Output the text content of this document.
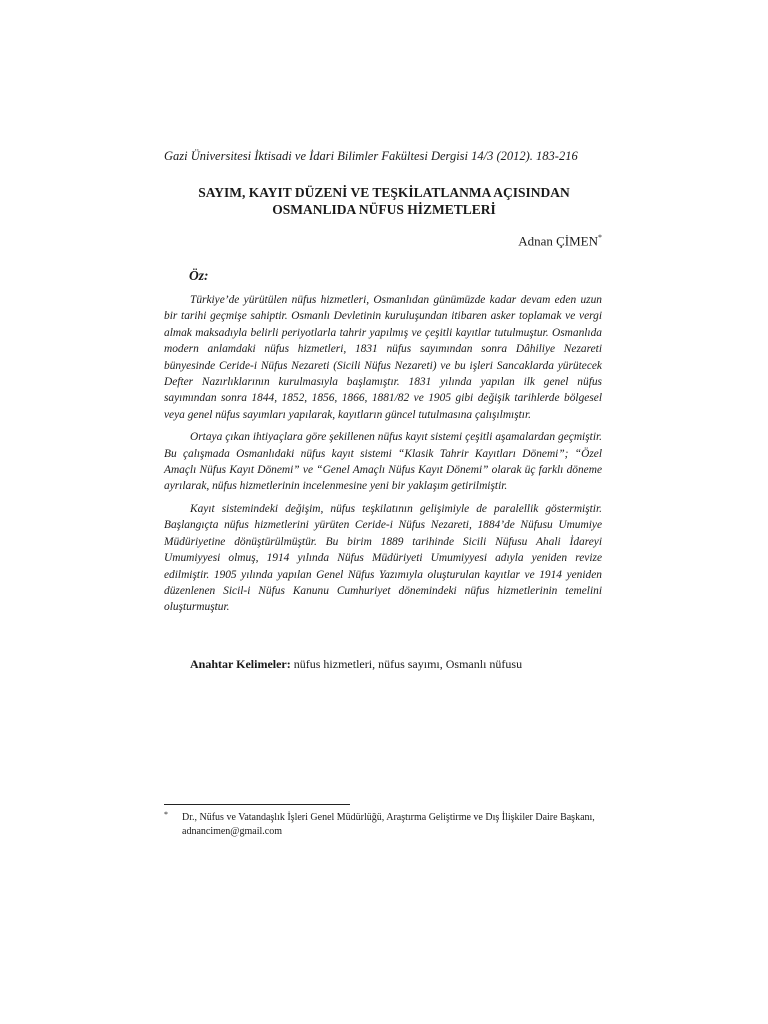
Gazi Üniversitesi İktisadi ve İdari Bilimler Fakültesi Dergisi 14/3 (2012). 183-216
SAYIM, KAYIT DÜZENİ VE TEŞKİLATLANMA AÇISINDAN
OSMANLIDA NÜFUS HİZMETLERİ
Adnan ÇİMEN*
Öz:

Türkiye’de yürütülen nüfus hizmetleri, Osmanlıdan günümüzde kadar devam eden uzun bir tarihi geçmişe sahiptir. Osmanlı Devletinin kuruluşundan itibaren asker toplamak ve vergi almak maksadıyla belirli periyotlarla tahrir yapılmış ve çeşitli kayıtlar tutulmuştur. Osmanlıda modern anlamdaki nüfus hizmetleri, 1831 nüfus sayımından sonra Dâhiliye Nezareti bünyesinde Ceride-i Nüfus Nezareti (Sicili Nüfus Nezareti) ve bu işleri Sancaklarda yürütecek Defter Nazırlıklarının kurulmasıyla başlamıştır. 1831 yılında yapılan ilk genel nüfus sayımından sonra 1844, 1852, 1856, 1866, 1881/82 ve 1905 gibi değişik tarihlerde bölgesel veya genel nüfus sayımları yapılarak, kayıtların güncel tutulmasına çalışılmıştır.

Ortaya çıkan ihtiyaçlara göre şekillenen nüfus kayıt sistemi çeşitli aşamalardan geçmiştir. Bu çalışmada Osmanlıdaki nüfus kayıt sistemi “Klasik Tahrir Kayıtları Dönemi”; “Özel Amaçlı Nüfus Kayıt Dönemi” ve “Genel Amaçlı Nüfus Kayıt Dönemi” olarak üç farklı döneme ayrılarak, nüfus hizmetlerinin incelenmesine yeni bir yaklaşım getirilmiştir.

Kayıt sistemindeki değişim, nüfus teşkilatının gelişimiyle de paralellik göstermiştir. Başlangıçta nüfus hizmetlerini yürüten Ceride-i Nüfus Nezareti, 1884’de Nüfusu Umumiye Müdüriyetine dönüştürülmüştür. Bu birim 1889 tarihinde Sicili Nüfusu Ahali İdareyi Umumiyyesi olmuş, 1914 yılında Nüfus Müdüriyeti Umumiyyesi adıyla yeniden revize edilmiştir. 1905 yılında yapılan Genel Nüfus Yazımıyla oluşturulan kayıtlar ve 1914 yeniden düzenlenen Sicil-i Nüfus Kanunu Cumhuriyet dönemindeki nüfus hizmetlerinin temelini oluşturmuştur.

Anahtar Kelimeler: nüfus hizmetleri, nüfus sayımı, Osmanlı nüfusu
* Dr., Nüfus ve Vatandaşlık İşleri Genel Müdürlüğü, Araştırma Geliştirme ve Dış İlişkiler Daire Başkanı, adnancimen@gmail.com
